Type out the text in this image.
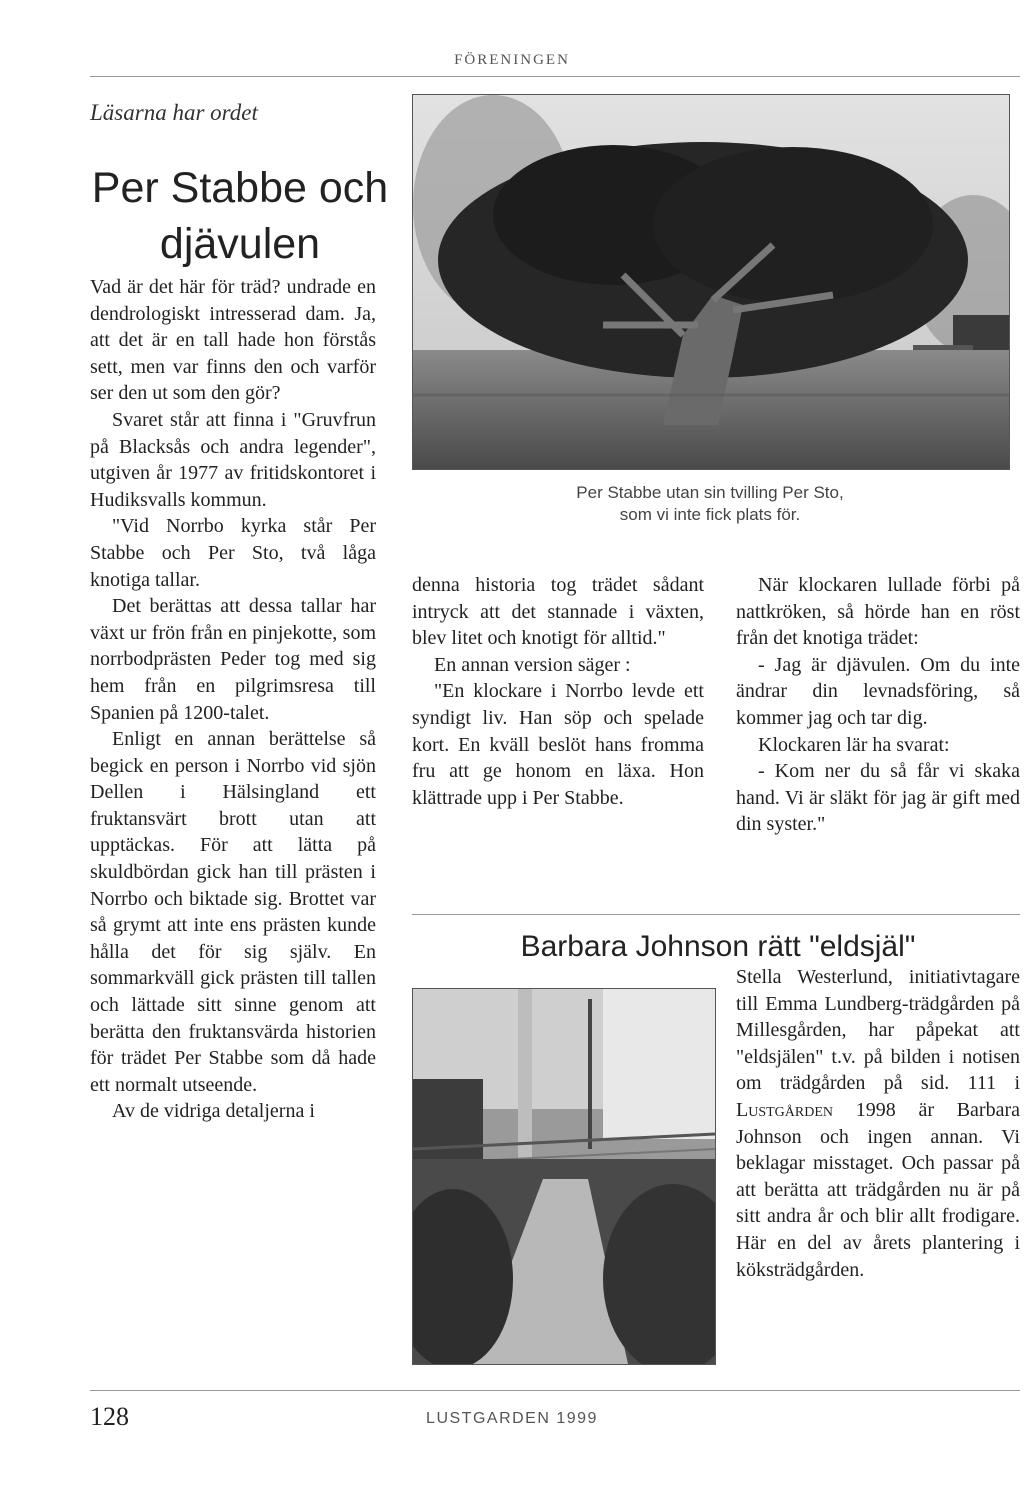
FÖRENINGEN
Läsarna har ordet
Per Stabbe och
djävulen

Vad är det här för träd? undrade en dendrologiskt intresserad dam. Ja, att det är en tall hade hon förstås sett, men var finns den och varför ser den ut som den gör?

Svaret står att finna i "Gruvfrun på Blacksås och andra legender", utgiven år 1977 av fritidskontoret i Hudiksvalls kommun.

"Vid Norrbo kyrka står Per Stabbe och Per Sto, två låga knotiga tallar.

Det berättas att dessa tallar har växt ur frön från en pinjekotte, som norrbodprästen Peder tog med sig hem från en pilgrimsresa till Spanien på 1200-talet.

Enligt en annan berättelse så begick en person i Norrbo vid sjön Dellen i Hälsingland ett fruktansvärt brott utan att upptäckas. För att lätta på skuldbördan gick han till prästen i Norrbo och biktade sig. Brottet var så grymt att inte ens prästen kunde hålla det för sig själv. En sommarkväll gick prästen till tallen och lättade sitt sinne genom att berätta den fruktansvärda historien för trädet Per Stabbe som då hade ett normalt utseende.

Av de vidriga detaljerna i

Per Stabbe utan sin tvilling Per Sto,
som vi inte fick plats för.

denna historia tog trädet sådant intryck att det stannade i växten, blev litet och knotigt för alltid."

En annan version säger :

"En klockare i Norrbo levde ett syndigt liv. Han söp och spelade kort. En kväll beslöt hans fromma fru att ge honom en läxa. Hon klättrade upp i Per Stabbe.

När klockaren lullade förbi på nattkröken, så hörde han en röst från det knotiga trädet:

- Jag är djävulen. Om du inte ändrar din levnadsföring, så kommer jag och tar dig.

Klockaren lär ha svarat:

- Kom ner du så får vi skaka hand. Vi är släkt för jag är gift med din syster."

Barbara Johnson rätt "eldsjäl"

Stella Westerlund, initiativtagare till Emma Lundberg-trädgården på Millesgården, har påpekat att "eldsjälen" t.v. på bilden i notisen om trädgården på sid. 111 i Lustgården 1998 är Barbara Johnson och ingen annan. Vi beklagar misstaget. Och passar på att berätta att trädgården nu är på sitt andra år och blir allt frodigare. Här en del av årets plantering i köksträdgården.

128	LUSTGARDEN 1999
